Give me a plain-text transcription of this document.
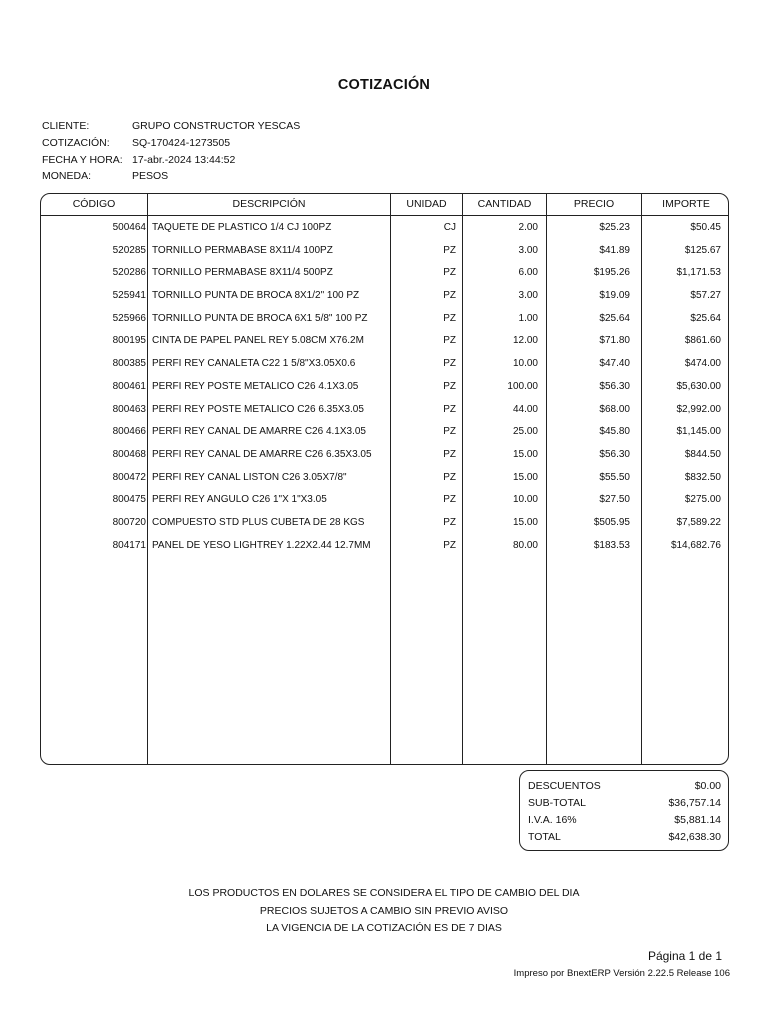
COTIZACIÓN
CLIENTE:	GRUPO CONSTRUCTOR YESCAS
COTIZACIÓN:	SQ-170424-1273505
FECHA Y HORA: 17-abr.-2024 13:44:52
MONEDA:	PESOS
CÓDIGO	DESCRIPCIÓN	UNIDAD	CANTIDAD	PRECIO	IMPORTE
500464 TAQUETE DE PLASTICO 1/4 CJ 100PZ	CJ	2.00	$25.23	$50.45
520285 TORNILLO PERMABASE 8X11/4 100PZ	PZ	3.00	$41.89	$125.67
520286 TORNILLO PERMABASE 8X11/4 500PZ	PZ	6.00	$195.26	$1,171.53
525941 TORNILLO PUNTA DE BROCA 8X1/2" 100 PZ	PZ	3.00	$19.09	$57.27
525966 TORNILLO PUNTA DE BROCA 6X1 5/8" 100 PZ	PZ	1.00	$25.64	$25.64
800195 CINTA DE PAPEL PANEL REY 5.08CM X76.2M	PZ	12.00	$71.80	$861.60
800385 PERFI REY CANALETA C22 1 5/8"X3.05X0.6	PZ	10.00	$47.40	$474.00
800461 PERFI REY POSTE METALICO C26 4.1X3.05	PZ	100.00	$56.30	$5,630.00
800463 PERFI REY POSTE METALICO C26 6.35X3.05	PZ	44.00	$68.00	$2,992.00
800466 PERFI REY CANAL DE AMARRE C26 4.1X3.05	PZ	25.00	$45.80	$1,145.00
800468 PERFI REY CANAL DE AMARRE C26 6.35X3.05	PZ	15.00	$56.30	$844.50
800472 PERFI REY CANAL LISTON C26 3.05X7/8"	PZ	15.00	$55.50	$832.50
800475 PERFI REY ANGULO C26 1"X 1"X3.05	PZ	10.00	$27.50	$275.00
800720 COMPUESTO STD PLUS CUBETA DE 28 KGS	PZ	15.00	$505.95	$7,589.22
804171 PANEL DE YESO LIGHTREY 1.22X2.44 12.7MM	PZ	80.00	$183.53	$14,682.76
DESCUENTOS	$0.00
SUB-TOTAL	$36,757.14
I.V.A. 16%	$5,881.14
TOTAL	$42,638.30
LOS PRODUCTOS EN DOLARES SE CONSIDERA EL TIPO DE CAMBIO DEL DIA
PRECIOS SUJETOS A CAMBIO SIN PREVIO AVISO
LA VIGENCIA DE LA COTIZACIÓN ES DE 7 DIAS
Página 1 de 1
Impreso por BnextERP Versión 2.22.5 Release 106
